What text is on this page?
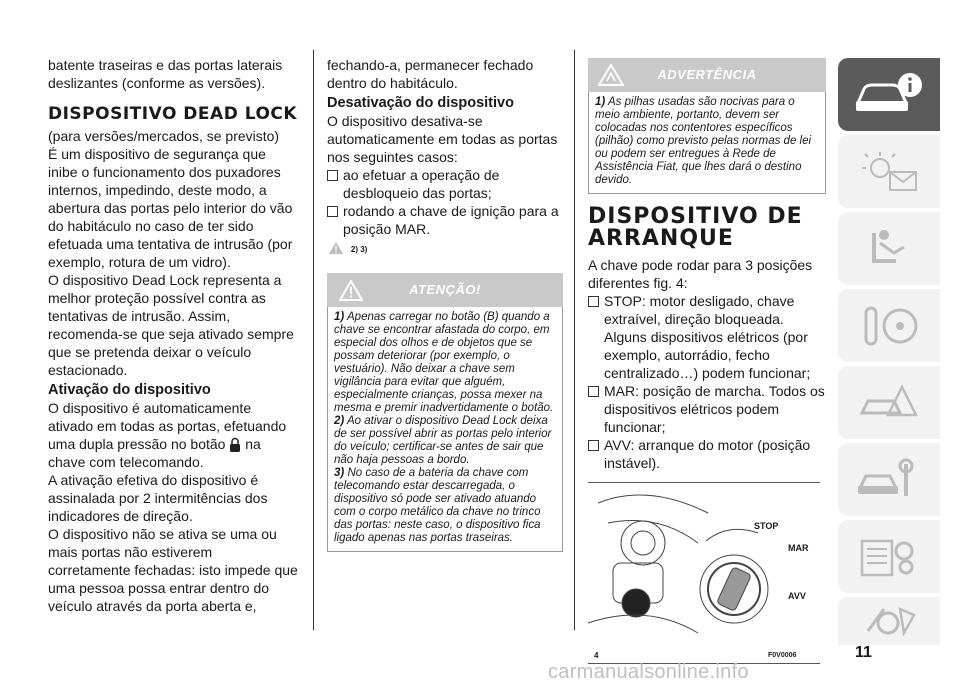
batente traseiras e das portas laterais deslizantes (conforme as versões).

DISPOSITIVO DEAD LOCK

(para versões/mercados, se previsto)

É um dispositivo de segurança que inibe o funcionamento dos puxadores internos, impedindo, deste modo, a abertura das portas pelo interior do vão do habitáculo no caso de ter sido efetuada uma tentativa de intrusão (por exemplo, rotura de um vidro).

O dispositivo Dead Lock representa a melhor proteção possível contra as tentativas de intrusão. Assim, recomenda-se que seja ativado sempre que se pretenda deixar o veículo estacionado.

Ativação do dispositivo

O dispositivo é automaticamente ativado em todas as portas, efetuando uma dupla pressão no botão na chave com telecomando.

A ativação efetiva do dispositivo é assinalada por 2 intermitências dos indicadores de direção.

O dispositivo não se ativa se uma ou mais portas não estiverem corretamente fechadas: isto impede que uma pessoa possa entrar dentro do veículo através da porta aberta e,

fechando-a, permanecer fechado dentro do habitáculo.

Desativação do dispositivo

O dispositivo desativa-se automaticamente em todas as portas nos seguintes casos:

ao efetuar a operação de desbloqueio das portas;
rodando a chave de ignição para a posição MAR.
2) 3)
ATENÇÃO!

1) Apenas carregar no botão (B) quando a chave se encontrar afastada do corpo, em especial dos olhos e de objetos que se possam deteriorar (por exemplo, o vestuário). Não deixar a chave sem vigilância para evitar que alguém, especialmente crianças, possa mexer na mesma e premir inadvertidamente o botão.

2) Ao ativar o dispositivo Dead Lock deixa de ser possível abrir as portas pelo interior do veículo; certificar-se antes de sair que não haja pessoas a bordo.

3) No caso de a bateria da chave com telecomando estar descarregada, o dispositivo só pode ser ativado atuando com o corpo metálico da chave no trinco das portas: neste caso, o dispositivo fica ligado apenas nas portas traseiras.

ADVERTÊNCIA

1) As pilhas usadas são nocivas para o meio ambiente, portanto, devem ser colocadas nos contentores específicos (pilhão) como previsto pelas normas de lei ou podem ser entregues à Rede de Assistência Fiat, que lhes dará o destino devido.

DISPOSITIVO DE ARRANQUE

A chave pode rodar para 3 posições diferentes fig. 4:

STOP: motor desligado, chave extraível, direção bloqueada. Alguns dispositivos elétricos (por exemplo, autorrádio, fecho centralizado…) podem funcionar;
MAR: posição de marcha. Todos os dispositivos elétricos podem funcionar;
AVV: arranque do motor (posição instável).
STOP
MAR
AVV
4	F0V0006	11
carmanualsonline.info
